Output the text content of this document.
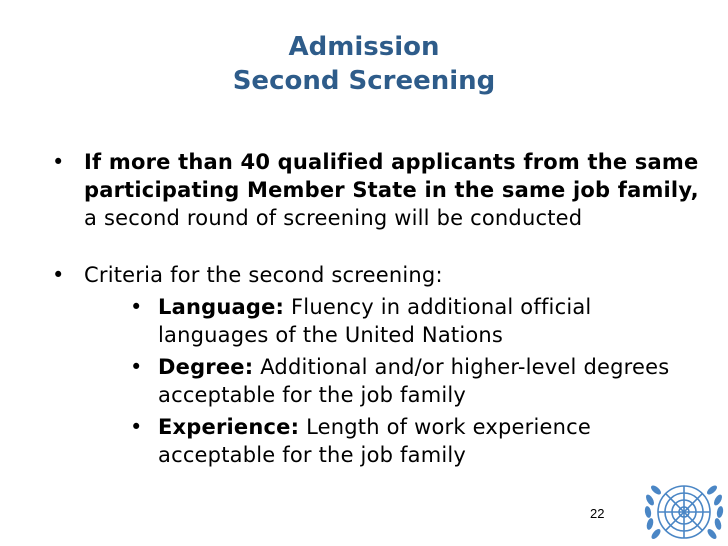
Admission
Second Screening
• If more than 40 qualified applicants from the same participating Member State in the same job family, a second round of screening will be conducted
• Criteria for the second screening:
• Language: Fluency in additional official languages of the United Nations
• Degree: Additional and/or higher-level degrees acceptable for the job family
• Experience: Length of work experience acceptable for the job family
22
